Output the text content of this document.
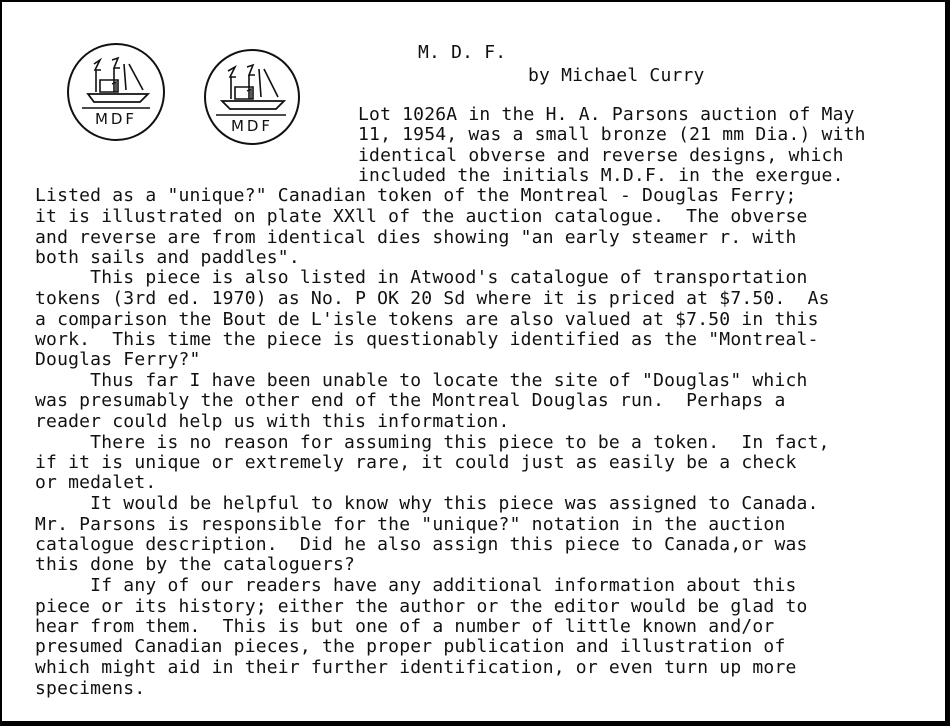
MDF	MDF

M. D. F.

by Michael Curry

Lot 1026A in the H. A. Parsons auction of May

11, 1954, was a small bronze (21 mm Dia.) with

identical obverse and reverse designs, which

included the initials M.D.F. in the exergue.

Listed as a "unique?" Canadian token of the Montreal - Douglas Ferry;

it is illustrated on plate XXll of the auction catalogue.  The obverse

and reverse are from identical dies showing "an early steamer r. with

both sails and paddles".

This piece is also listed in Atwood's catalogue of transportation

tokens (3rd ed. 1970) as No. P OK 20 Sd where it is priced at $7.50.  As

a comparison the Bout de L'isle tokens are also valued at $7.50 in this

work.  This time the piece is questionably identified as the "Montreal-

Douglas Ferry?"

Thus far I have been unable to locate the site of "Douglas" which

was presumably the other end of the Montreal Douglas run.  Perhaps a

reader could help us with this information.

There is no reason for assuming this piece to be a token.  In fact,

if it is unique or extremely rare, it could just as easily be a check

or medalet.

It would be helpful to know why this piece was assigned to Canada.

Mr. Parsons is responsible for the "unique?" notation in the auction

catalogue description.  Did he also assign this piece to Canada,or was

this done by the cataloguers?

If any of our readers have any additional information about this

piece or its history; either the author or the editor would be glad to

hear from them.  This is but one of a number of little known and/or

presumed Canadian pieces, the proper publication and illustration of

which might aid in their further identification, or even turn up more

specimens.
